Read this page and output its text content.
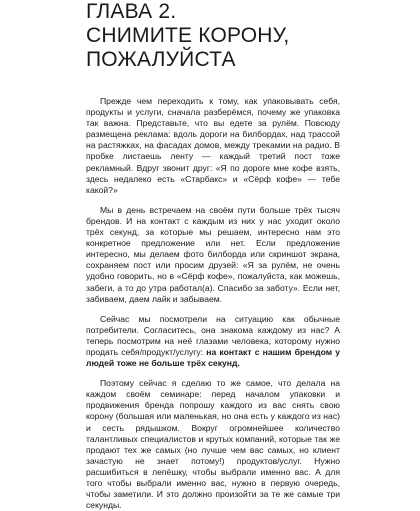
ГЛАВА 2.
СНИМИТЕ КОРОНУ,
ПОЖАЛУЙСТА

Прежде чем переходить к тому, как упаковывать себя, продукты и услуги, сначала разберёмся, почему же упаковка так важна. Представьте, что вы едете за рулём. Повсюду размещена реклама: вдоль дороги на билбордах, над трассой на растяжках, на фасадах домов, между трекамии на радио. В пробке листаешь ленту — каждый третий пост тоже рекламный. Вдруг звонит друг: «Я по дороге мне кофе взять, здесь недалеко есть «Старбакс» и «Сёрф кофе» — тебе какой?»

Мы в день встречаем на своём пути больше трёх тысяч брендов. И на контакт с каждым из них у нас уходит около трёх секунд, за которые мы решаем, интересно нам это конкретное предложение или нет. Если предложение интересно, мы делаем фото билборда или скриншот экрана, сохраняем пост или просим друзей: «Я за рулём, не очень удобно говорить, но в «Сёрф кофе», пожалуйста, как можешь, забеги, а то до утра работал(а). Спасибо за заботу». Если нет, забиваем, даем лайк и забываем.

Сейчас мы посмотрели на ситуацию как обычные потребители. Согласитесь, она знакома каждому из нас? А теперь посмотрим на неё глазами человека, которому нужно продать себя/продукт/услугу: на контакт с нашим брендом у людей тоже не больше трёх секунд.

Поэтому сейчас я сделаю то же самое, что делала на каждом своём семинаре: перед началом упаковки и продвижения бренда попрошу каждого из вас снять свою корону (большая или маленькая, но она есть у каждого из нас) и сесть рядышком. Вокруг огромнейшее количество талантливых специалистов и крутых компаний, которые так же продают тех же самых (но лучше чем вас самых, но клиент зачастую не знает потому!) продуктов/услуг. Нужно расшибиться в лепёшку, чтобы выбрали именно вас. А для того чтобы выбрали именно вас, нужно в первую очередь, чтобы заметили. И это должно произойти за те же самые три секунды.
